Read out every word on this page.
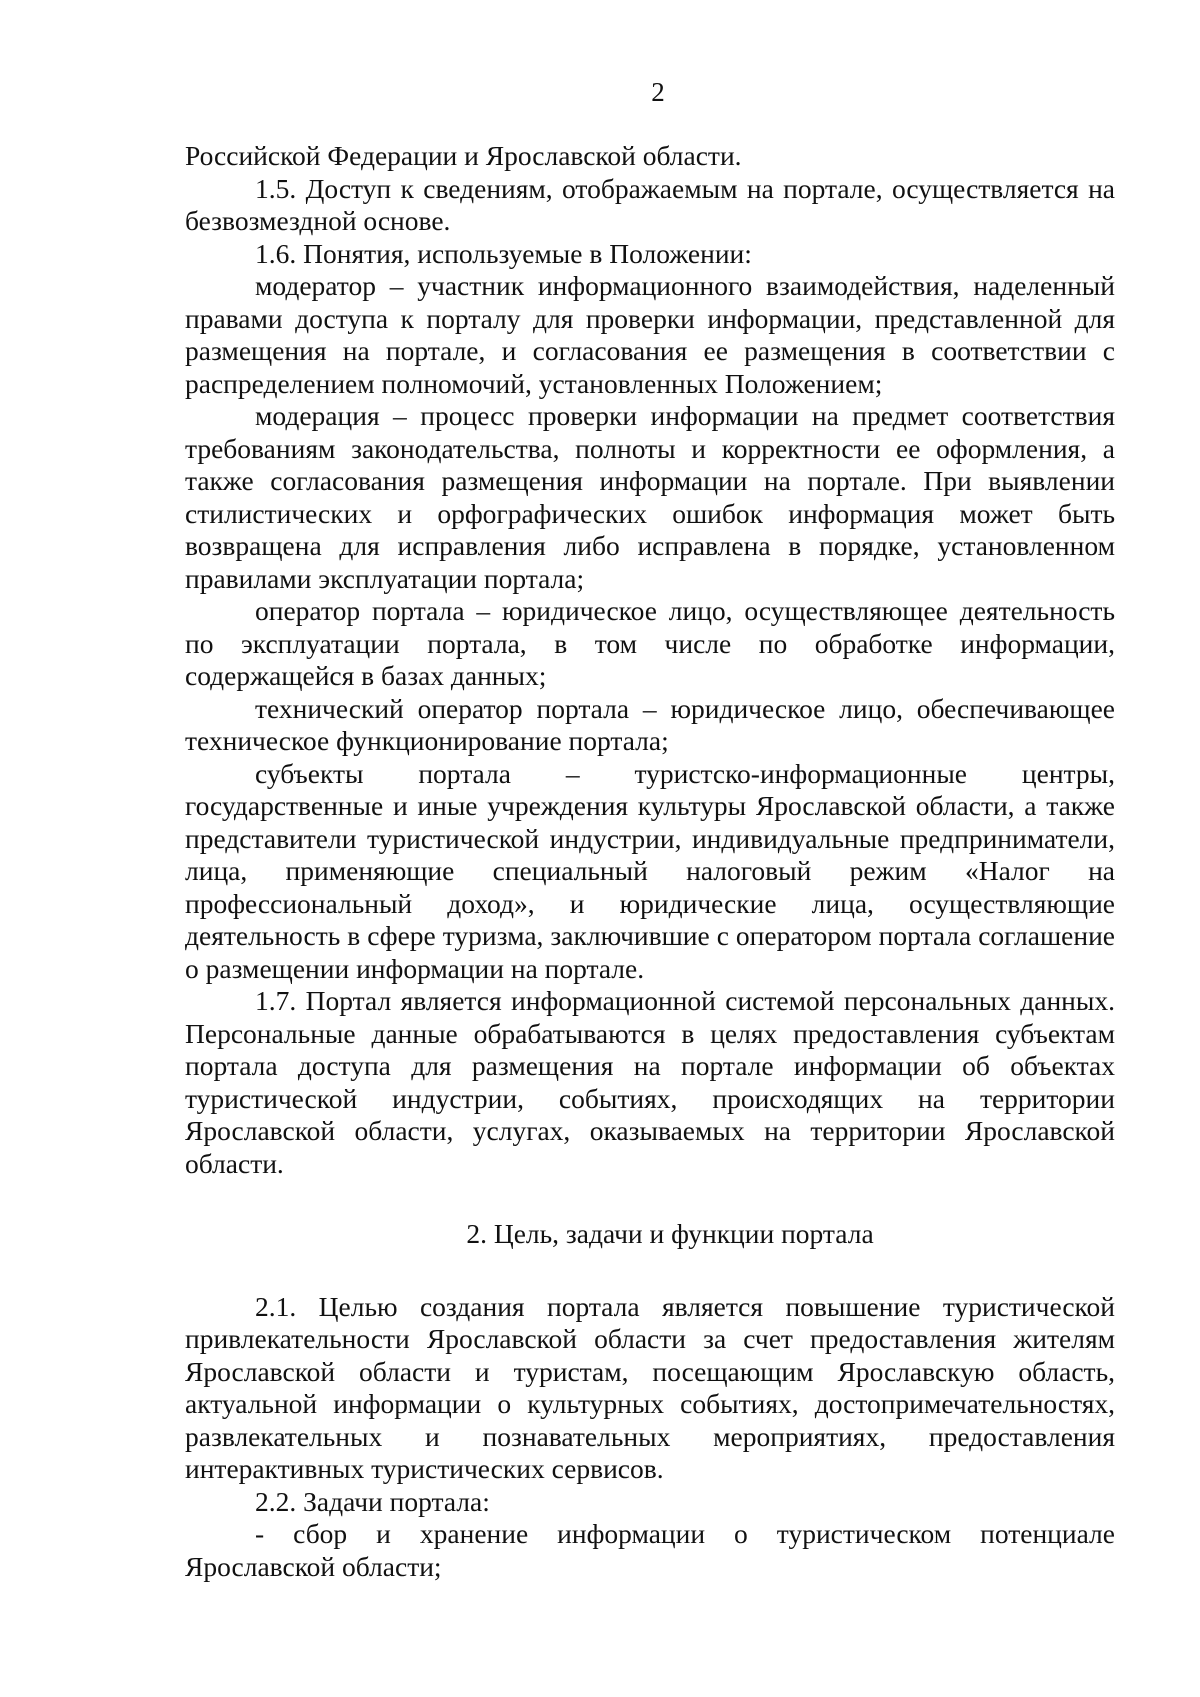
2

Российской Федерации и Ярославской области.

1.5. Доступ к сведениям, отображаемым на портале, осуществляется на безвозмездной основе.

1.6. Понятия, используемые в Положении:

модератор – участник информационного взаимодействия, наделенный правами доступа к порталу для проверки информации, представленной для размещения на портале, и согласования ее размещения в соответствии с распределением полномочий, установленных Положением;

модерация – процесс проверки информации на предмет соответствия требованиям законодательства, полноты и корректности ее оформления, а также согласования размещения информации на портале. При выявлении стилистических и орфографических ошибок информация может быть возвращена для исправления либо исправлена в порядке, установленном правилами эксплуатации портала;

оператор портала – юридическое лицо, осуществляющее деятельность по эксплуатации портала, в том числе по обработке информации, содержащейся в базах данных;

технический оператор портала – юридическое лицо, обеспечивающее техническое функционирование портала;

субъекты портала – туристско-информационные центры, государственные и иные учреждения культуры Ярославской области, а также представители туристической индустрии, индивидуальные предприниматели, лица, применяющие специальный налоговый режим «Налог на профессиональный доход», и юридические лица, осуществляющие деятельность в сфере туризма, заключившие с оператором портала соглашение о размещении информации на портале.

1.7. Портал является информационной системой персональных данных. Персональные данные обрабатываются в целях предоставления субъектам портала доступа для размещения на портале информации об объектах туристической индустрии, событиях, происходящих на территории Ярославской области, услугах, оказываемых на территории Ярославской области.

2. Цель, задачи и функции портала

2.1. Целью создания портала является повышение туристической привлекательности Ярославской области за счет предоставления жителям Ярославской области и туристам, посещающим Ярославскую область, актуальной информации о культурных событиях, достопримечательностях, развлекательных и познавательных мероприятиях, предоставления интерактивных туристических сервисов.

2.2. Задачи портала:

- сбор и хранение информации о туристическом потенциале Ярославской области;
